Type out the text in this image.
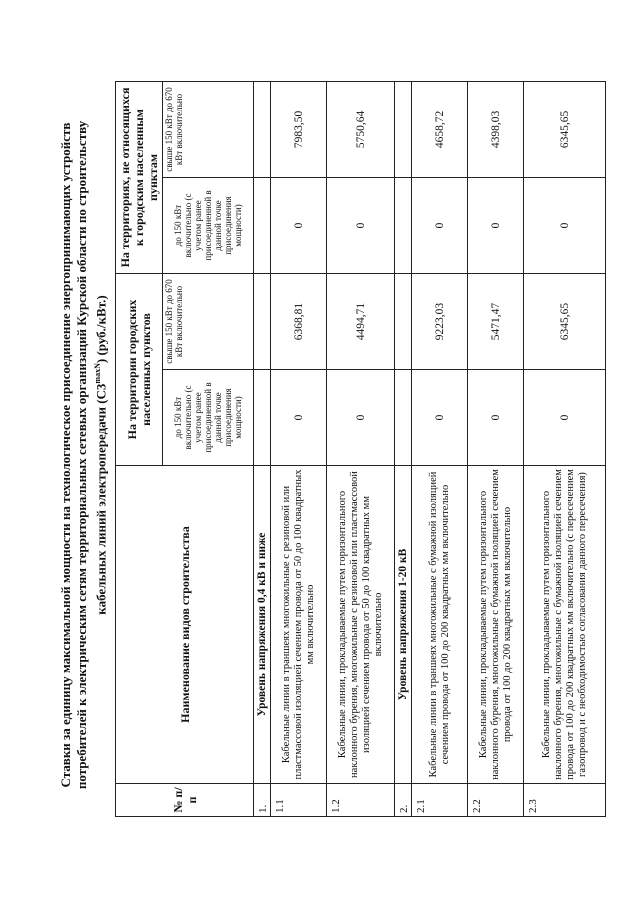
Ставки за единицу максимальной мощности на технологическое присоединение энергопринимающих устройств потребителей к электрическим сетям территориальных сетевых организаций Курской области по строительству кабельных линий электропередачи $(С3^{maxN})$ (руб./кВт.)
№ п/п	Наименование видов строительства	На территории городских населенных пунктов		На территориях, не относящихся к городским населенным пунктам	
		до 150 кВт включительно (с учетом ранее присоединенной в данной точке присоединения мощности)	свыше 150 кВт до 670 кВт включительно	до 150 кВт включительно (с учетом ранее присоединенной в данной точке присоединения мощности)	свыше 150 кВт до 670 кВт включительно
1.	Уровень напряжения 0,4 кВ и ниже				
1.1	Кабельные линии в траншеях многожильные с резиновой или пластмассовой изоляцией сечением провода от 50 до 100 квадратных мм включительно	0	6368,81	0	7983,50
1.2	Кабельные линии, прокладываемые путем горизонтального наклонного бурения, многожильные с резиновой или пластмассовой изоляцией сечением провода от 50 до 100 квадратных мм включительно	0	4494,71	0	5750,64
2.	Уровень напряжения 1-20 кВ				
2.1	Кабельные линии в траншеях многожильные с бумажной изоляцией сечением провода от 100 до 200 квадратных мм включительно	0	9223,03	0	4658,72
2.2	Кабельные линии, прокладываемые путем горизонтального наклонного бурения, многожильные с бумажной изоляцией сечением провода от 100 до 200 квадратных мм включительно	0	5471,47	0	4398,03
2.3	Кабельные линии, прокладываемые путем горизонтального наклонного бурения, многожильные с бумажной изоляцией сечением провода от 100 до 200 квадратных мм включительно (с пересечением газопровод и с необходимостью согласования данного пересечения)	0	6345,65	0	6345,65
